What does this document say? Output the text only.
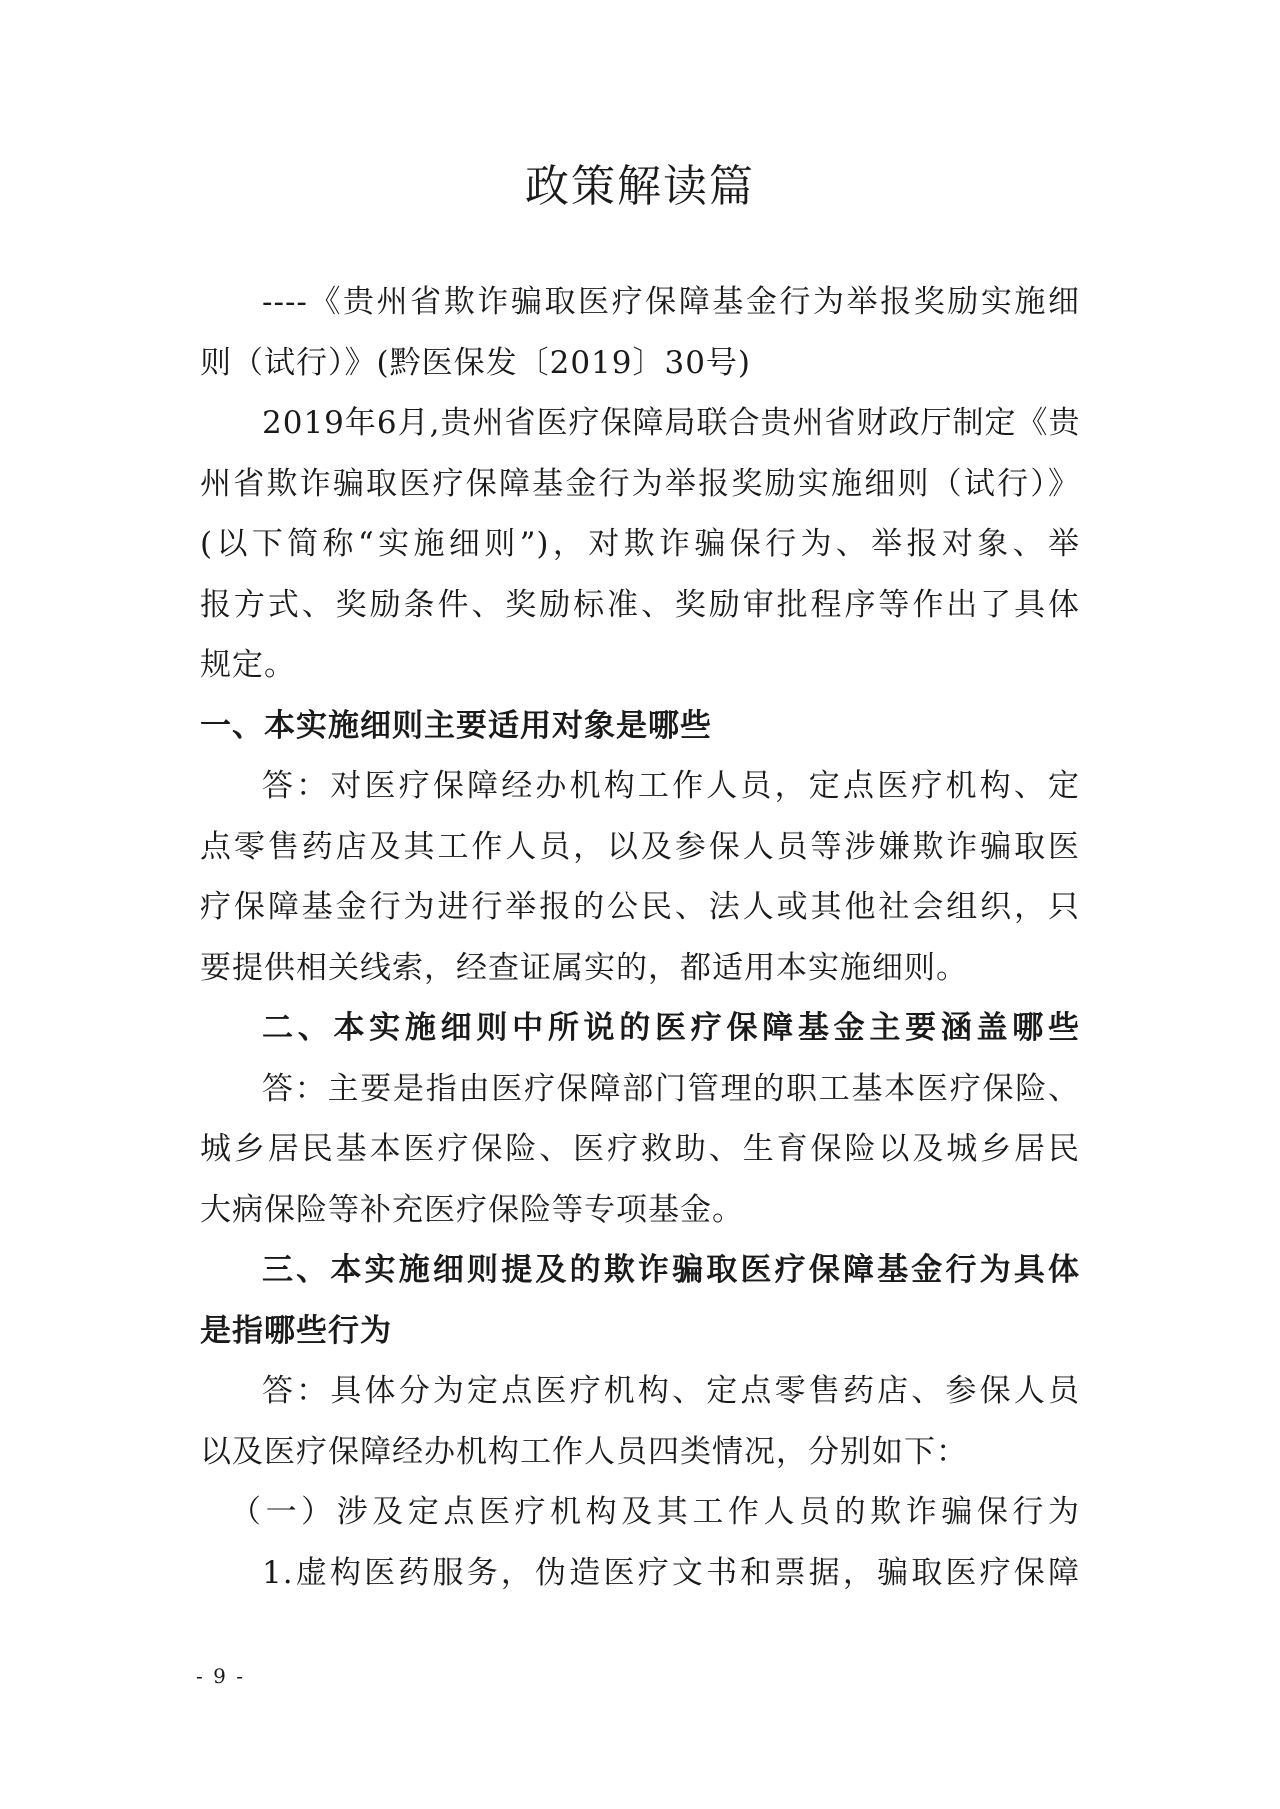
政策解读篇
----《贵州省欺诈骗取医疗保障基金行为举报奖励实施细
则（试行）》(黔医保发〔2019〕30号)
2019年6月,贵州省医疗保障局联合贵州省财政厅制定《贵
州省欺诈骗取医疗保障基金行为举报奖励实施细则（试行）》
(以下简称“实施细则”)，对欺诈骗保行为、举报对象、举
报方式、奖励条件、奖励标准、奖励审批程序等作出了具体
规定。
一、本实施细则主要适用对象是哪些
答：对医疗保障经办机构工作人员，定点医疗机构、定
点零售药店及其工作人员，以及参保人员等涉嫌欺诈骗取医
疗保障基金行为进行举报的公民、法人或其他社会组织，只
要提供相关线索，经查证属实的，都适用本实施细则。
二、本实施细则中所说的医疗保障基金主要涵盖哪些
答：主要是指由医疗保障部门管理的职工基本医疗保险、
城乡居民基本医疗保险、医疗救助、生育保险以及城乡居民
大病保险等补充医疗保险等专项基金。
三、本实施细则提及的欺诈骗取医疗保障基金行为具体
是指哪些行为
答：具体分为定点医疗机构、定点零售药店、参保人员
以及医疗保障经办机构工作人员四类情况，分别如下：
（一）涉及定点医疗机构及其工作人员的欺诈骗保行为
1.虚构医药服务，伪造医疗文书和票据，骗取医疗保障
- 9 -
